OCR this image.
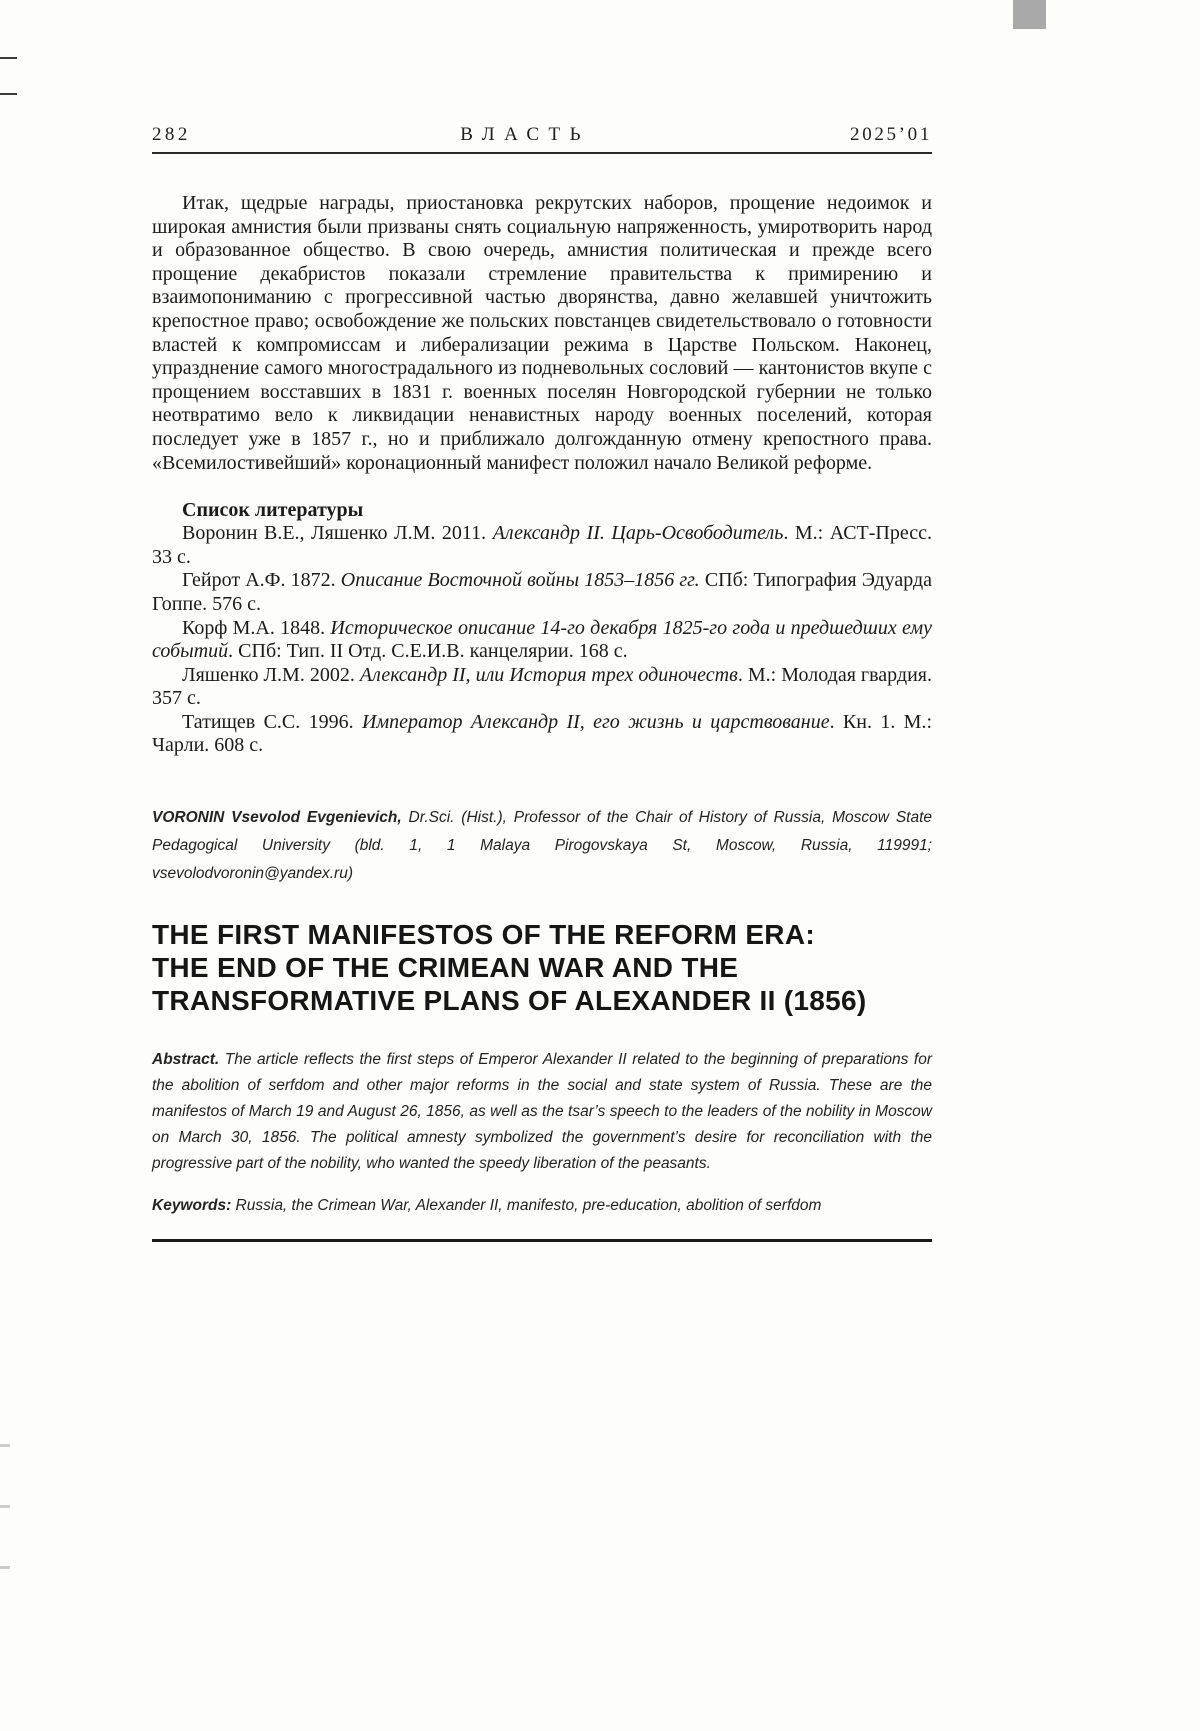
282	ВЛАСТЬ	2025’01

Итак, щедрые награды, приостановка рекрутских наборов, прощение недоимок и широкая амнистия были призваны снять социальную напряженность, умиротворить народ и образованное общество. В свою очередь, амнистия политическая и прежде всего прощение декабристов показали стремление правительства к примирению и взаимопониманию с прогрессивной частью дворянства, давно желавшей уничтожить крепостное право; освобождение же польских повстанцев свидетельствовало о готовности властей к компромиссам и либерализации режима в Царстве Польском. Наконец, упразднение самого многострадального из подневольных сословий — кантонистов вкупе с прощением восставших в 1831 г. военных поселян Новгородской губернии не только неотвратимо вело к ликвидации ненавистных народу военных поселений, которая последует уже в 1857 г., но и приближало долгожданную отмену крепостного права. «Всемилостивейший» коронационный манифест положил начало Великой реформе.

Список литературы

Воронин В.Е., Ляшенко Л.М. 2011. Александр II. Царь-Освободитель. М.: АСТ-Пресс. 33 с.

Гейрот А.Ф. 1872. Описание Восточной войны 1853–1856 гг. СПб: Типография Эдуарда Гоппе. 576 с.

Корф М.А. 1848. Историческое описание 14-го декабря 1825-го года и предшедших ему событий. СПб: Тип. II Отд. С.Е.И.В. канцелярии. 168 с.

Ляшенко Л.М. 2002. Александр II, или История трех одиночеств. М.: Молодая гвардия. 357 с.

Татищев С.С. 1996. Император Александр II, его жизнь и царствование. Кн. 1. М.: Чарли. 608 с.

VORONIN Vsevolod Evgenievich, Dr.Sci. (Hist.), Professor of the Chair of History of Russia, Moscow State Pedagogical University (bld. 1, 1 Malaya Pirogovskaya St, Moscow, Russia, 119991; vsevolodvoronin@yandex.ru)

THE FIRST MANIFESTOS OF THE REFORM ERA:
THE END OF THE CRIMEAN WAR AND THE
TRANSFORMATIVE PLANS OF ALEXANDER II (1856)

Abstract. The article reflects the first steps of Emperor Alexander II related to the beginning of preparations for the abolition of serfdom and other major reforms in the social and state system of Russia. These are the manifestos of March 19 and August 26, 1856, as well as the tsar’s speech to the leaders of the nobility in Moscow on March 30, 1856. The political amnesty symbolized the government’s desire for reconciliation with the progressive part of the nobility, who wanted the speedy liberation of the peasants.

Keywords: Russia, the Crimean War, Alexander II, manifesto, pre-education, abolition of serfdom
